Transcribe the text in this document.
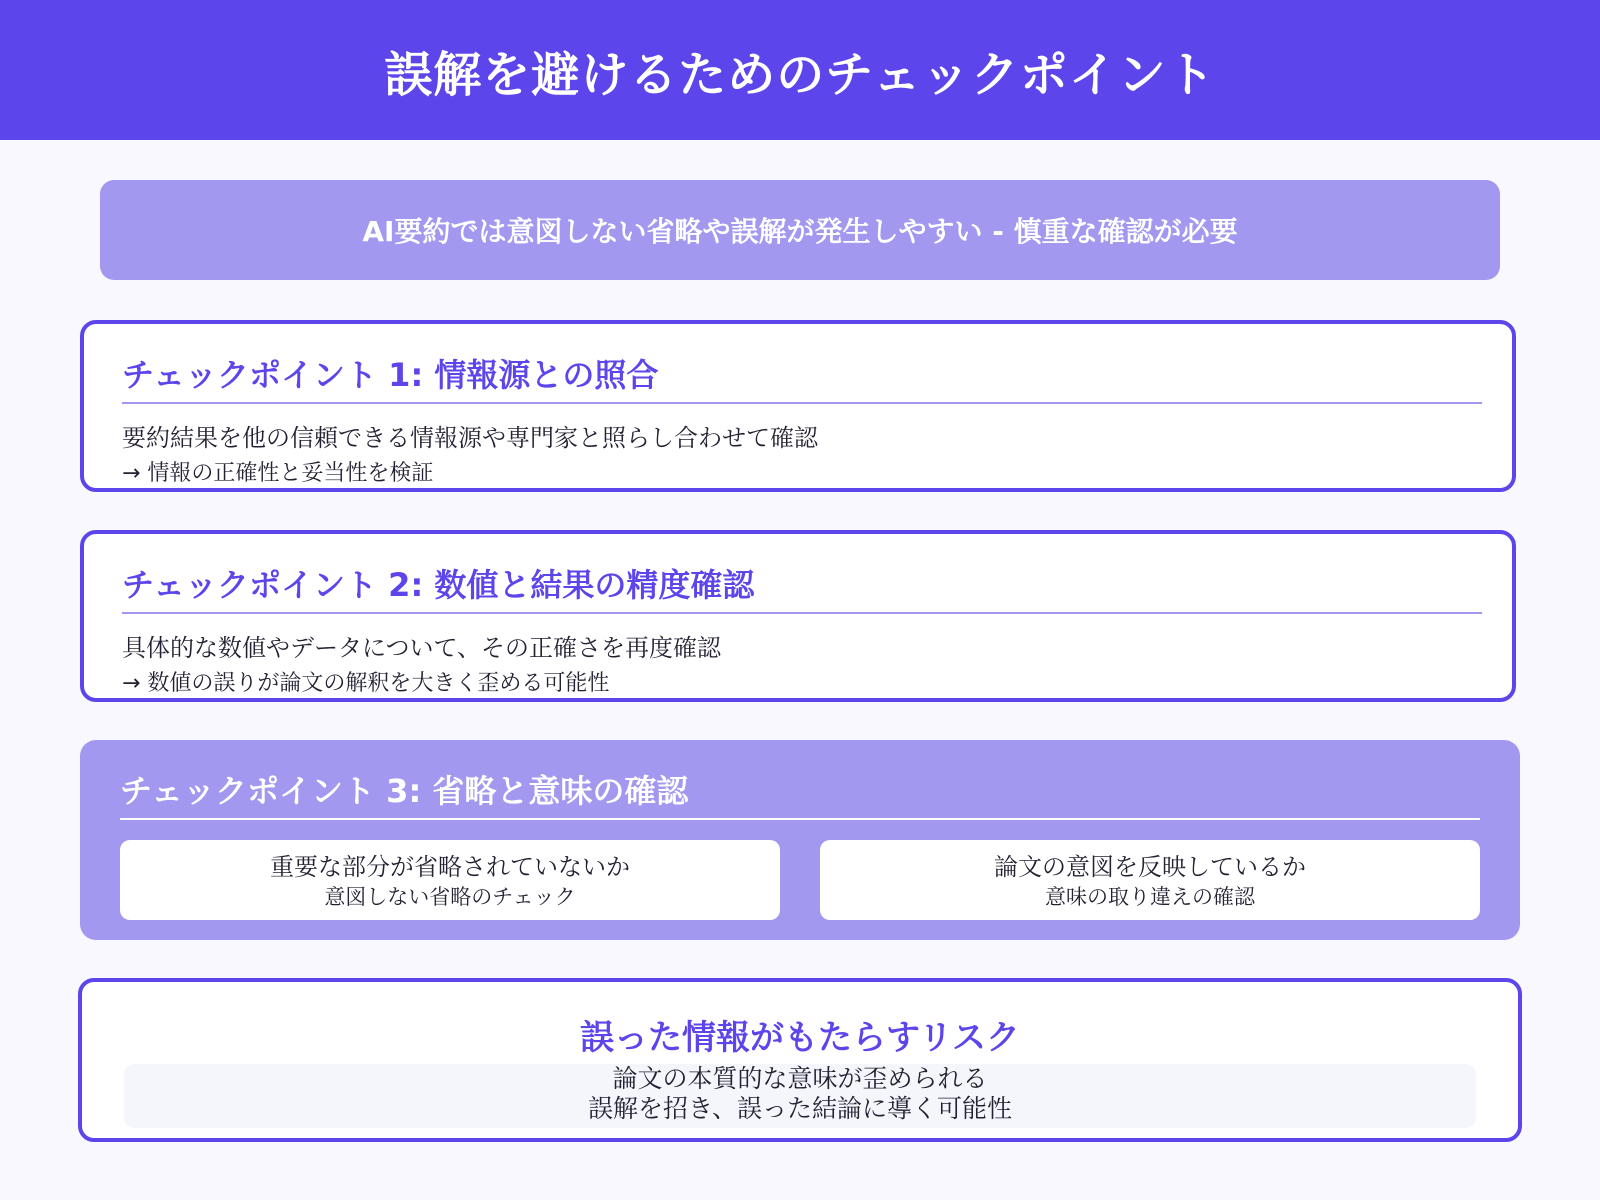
誤解を避けるためのチェックポイント
AI要約では意図しない省略や誤解が発生しやすい - 慎重な確認が必要
チェックポイント 1: 情報源との照合
要約結果を他の信頼できる情報源や専門家と照らし合わせて確認
→ 情報の正確性と妥当性を検証
チェックポイント 2: 数値と結果の精度確認
具体的な数値やデータについて、その正確さを再度確認
→ 数値の誤りが論文の解釈を大きく歪める可能性
チェックポイント 3: 省略と意味の確認
重要な部分が省略されていないか
意図しない省略のチェック
論文の意図を反映しているか
意味の取り違えの確認
誤った情報がもたらすリスク
論文の本質的な意味が歪められる
誤解を招き、誤った結論に導く可能性
